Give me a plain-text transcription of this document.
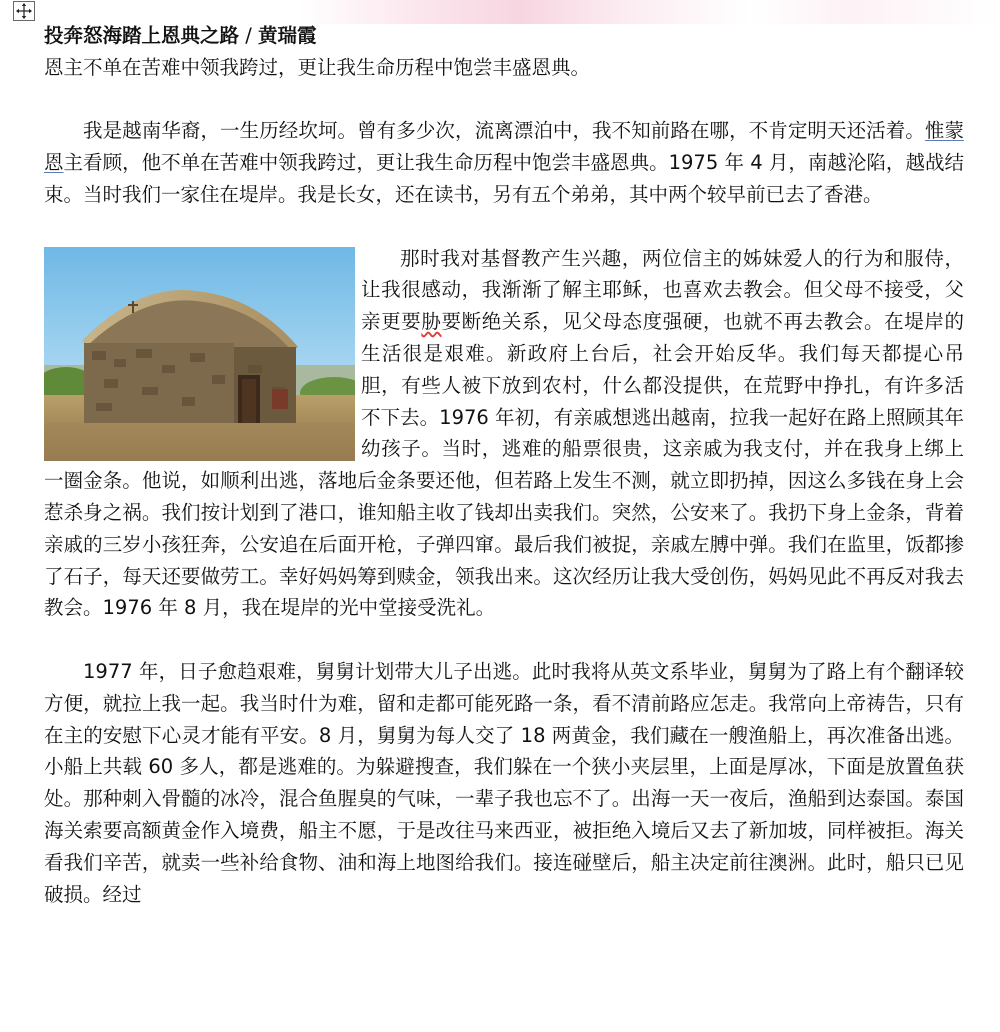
投奔怒海踏上恩典之路 / 黄瑞霞

恩主不单在苦难中领我跨过，更让我生命历程中饱尝丰盛恩典。

我是越南华裔，一生历经坎坷。曾有多少次，流离漂泊中，我不知前路在哪，不肯定明天还活着。惟蒙恩主看顾，他不单在苦难中领我跨过，更让我生命历程中饱尝丰盛恩典。1975 年 4 月，南越沦陷，越战结束。当时我们一家住在堤岸。我是长女，还在读书，另有五个弟弟，其中两个较早前已去了香港。

那时我对基督教产生兴趣，两位信主的姊妹爱人的行为和服侍，让我很感动，我渐渐了解主耶稣，也喜欢去教会。但父母不接受，父亲更要胁要断绝关系，见父母态度强硬，也就不再去教会。在堤岸的生活很是艰难。新政府上台后，社会开始反华。我们每天都提心吊胆，有些人被下放到农村，什么都没提供，在荒野中挣扎，有许多活不下去。1976 年初，有亲戚想逃出越南，拉我一起好在路上照顾其年幼孩子。当时，逃难的船票很贵，这亲戚为我支付，并在我身上绑上一圈金条。他说，如顺利出逃，落地后金条要还他，但若路上发生不测，就立即扔掉，因这么多钱在身上会惹杀身之祸。我们按计划到了港口，谁知船主收了钱却出卖我们。突然，公安来了。我扔下身上金条，背着亲戚的三岁小孩狂奔，公安追在后面开枪，子弹四窜。最后我们被捉，亲戚左膊中弹。我们在监里，饭都掺了石子，每天还要做劳工。幸好妈妈筹到赎金，领我出来。这次经历让我大受创伤，妈妈见此不再反对我去教会。1976 年 8 月，我在堤岸的光中堂接受洗礼。

1977 年，日子愈趋艰难，舅舅计划带大儿子出逃。此时我将从英文系毕业，舅舅为了路上有个翻译较方便，就拉上我一起。我当时什为难，留和走都可能死路一条，看不清前路应怎走。我常向上帝祷告，只有在主的安慰下心灵才能有平安。8 月，舅舅为每人交了 18 两黄金，我们藏在一艘渔船上，再次准备出逃。小船上共载 60 多人，都是逃难的。为躲避搜查，我们躲在一个狭小夹层里，上面是厚冰，下面是放置鱼获处。那种刺入骨髓的冰冷，混合鱼腥臭的气味，一辈子我也忘不了。出海一天一夜后，渔船到达泰国。泰国海关索要高额黄金作入境费，船主不愿，于是改往马来西亚，被拒绝入境后又去了新加坡，同样被拒。海关看我们辛苦，就卖一些补给食物、油和海上地图给我们。接连碰壁后，船主决定前往澳洲。此时，船只已见破损。经过
